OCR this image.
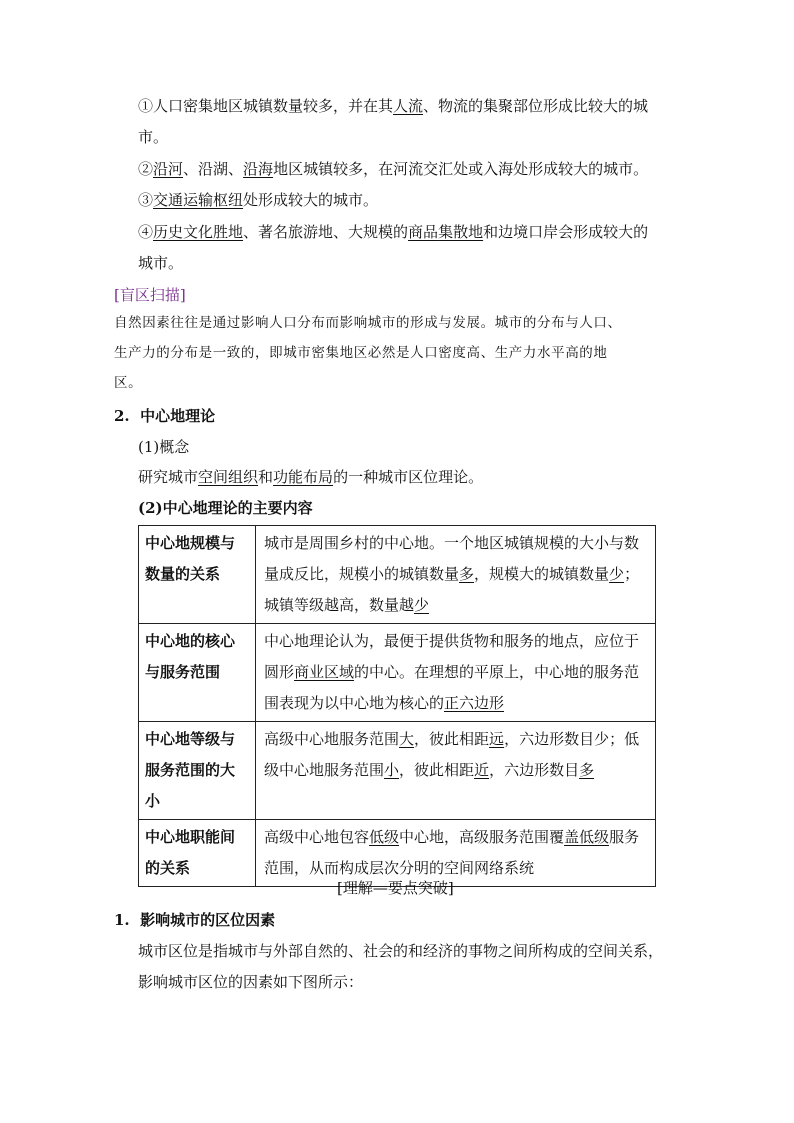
①人口密集地区城镇数量较多，并在其人流、物流的集聚部位形成比较大的城
市。
②沿河、沿湖、沿海地区城镇较多，在河流交汇处或入海处形成较大的城市。
③交通运输枢纽处形成较大的城市。
④历史文化胜地、著名旅游地、大规模的商品集散地和边境口岸会形成较大的
城市。
[盲区扫描]
自然因素往往是通过影响人口分布而影响城市的形成与发展。城市的分布与人口、
生产力的分布是一致的，即城市密集地区必然是人口密度高、生产力水平高的地
区。
2. 中心地理论
(1)概念
研究城市空间组织和功能布局的一种城市区位理论。
(2)中心地理论的主要内容
中心地规模与数量的关系	城市是周围乡村的中心地。一个地区城镇规模的大小与数量成反比，规模小的城镇数量多，规模大的城镇数量少；城镇等级越高，数量越少
中心地的核心与服务范围	中心地理论认为，最便于提供货物和服务的地点，应位于圆形商业区域的中心。在理想的平原上，中心地的服务范围表现为以中心地为核心的正六边形
中心地等级与服务范围的大小	高级中心地服务范围大，彼此相距远，六边形数目少；低级中心地服务范围小，彼此相距近，六边形数目多
中心地职能间的关系	高级中心地包容低级中心地，高级服务范围覆盖低级服务范围，从而构成层次分明的空间网络系统
[理解—要点突破]
1. 影响城市的区位因素
城市区位是指城市与外部自然的、社会的和经济的事物之间所构成的空间关系，
影响城市区位的因素如下图所示：
